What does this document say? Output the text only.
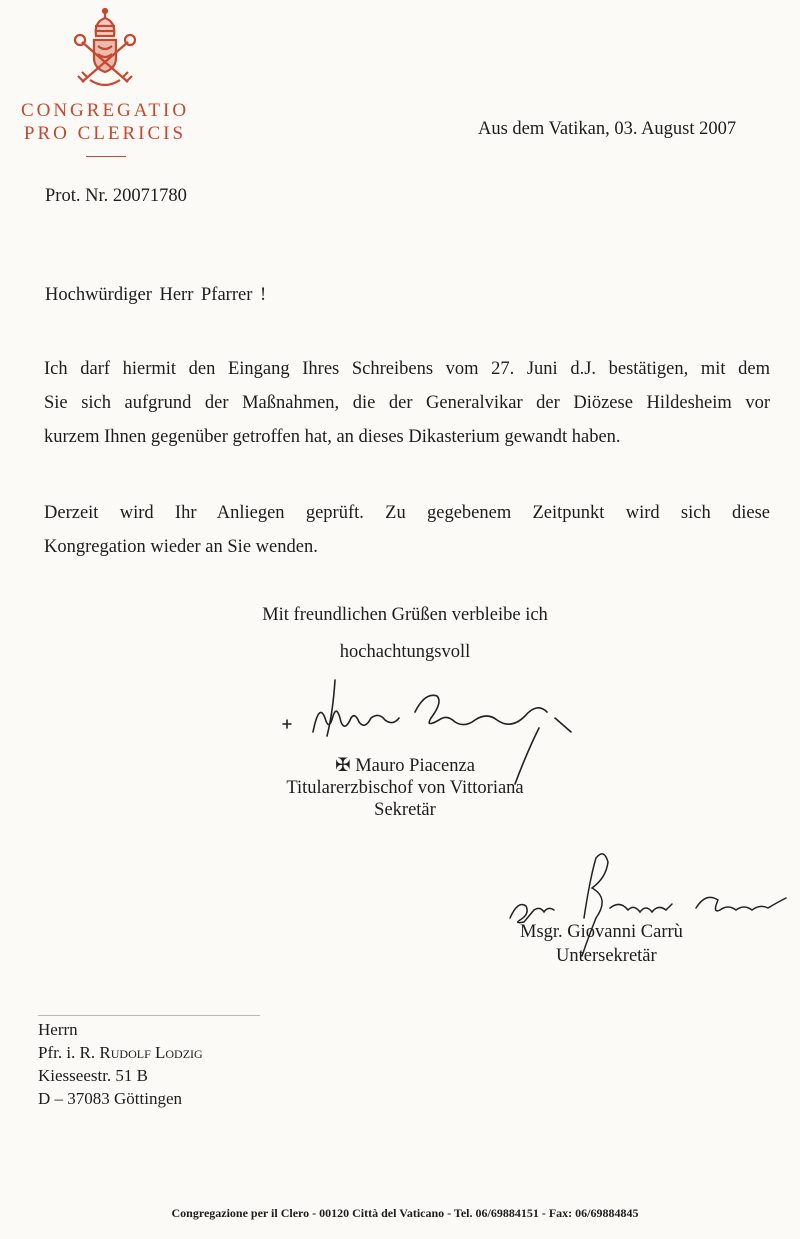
CONGREGATIO
PRO CLERICIS	Aus dem Vatikan, 03. August 2007
Prot. Nr. 20071780
Hochwürdiger Herr Pfarrer !
Ich darf hiermit den Eingang Ihres Schreibens vom 27. Juni d.J. bestätigen, mit dem
Sie sich aufgrund der Maßnahmen, die der Generalvikar der Diözese Hildesheim vor
kurzem Ihnen gegenüber getroffen hat, an dieses Dikasterium gewandt haben.
Derzeit wird Ihr Anliegen geprüft. Zu gegebenem Zeitpunkt wird sich diese
Kongregation wieder an Sie wenden.
Mit freundlichen Grüßen verbleibe ich
hochachtungsvoll
✠ Mauro Piacenza
Titularerzbischof von Vittoriana
Sekretär
Msgr. Giovanni Carrù
Untersekretär
Herrn
Pfr. i. R. Rudolf Lodzig
Kiesseestr. 51 B
D – 37083 Göttingen
Congregazione per il Clero - 00120 Città del Vaticano - Tel. 06/69884151 - Fax: 06/69884845
